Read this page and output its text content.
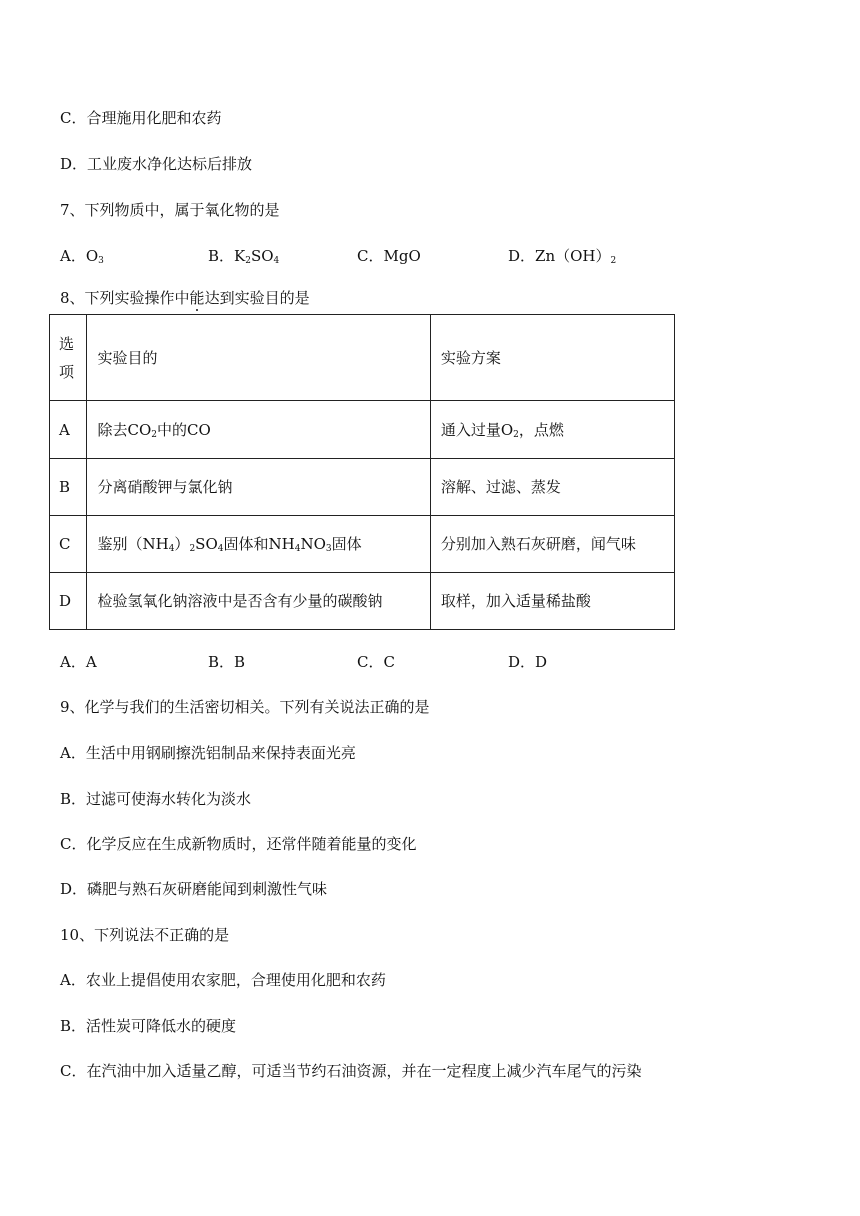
C．合理施用化肥和农药
D．工业废水净化达标后排放
7、下列物质中，属于氧化物的是
A．$O_3$	B．$K_2SO_4$	C．MgO	D．$Zn(OH)_2$
8、下列实验操作中能达到实验目的是
选
项	实验目的	实验方案
A	除去$CO_2$中的CO	通入过量$O_2$，点燃
B	分离硝酸钾与氯化钠	溶解、过滤、蒸发
C	鉴别$(NH_4)_2SO_4$固体和$NH_4NO_3$固体	分别加入熟石灰研磨，闻气味
D	检验氢氧化钠溶液中是否含有少量的碳酸钠	取样，加入适量稀盐酸
A．A	B．B	C．C	D．D
9、化学与我们的生活密切相关。下列有关说法正确的是
A．生活中用钢刷擦洗铝制品来保持表面光亮
B．过滤可使海水转化为淡水
C．化学反应在生成新物质时，还常伴随着能量的变化
D．磷肥与熟石灰研磨能闻到刺激性气味
10、下列说法不正确的是
A．农业上提倡使用农家肥，合理使用化肥和农药
B．活性炭可降低水的硬度
C．在汽油中加入适量乙醇，可适当节约石油资源，并在一定程度上减少汽车尾气的污染
